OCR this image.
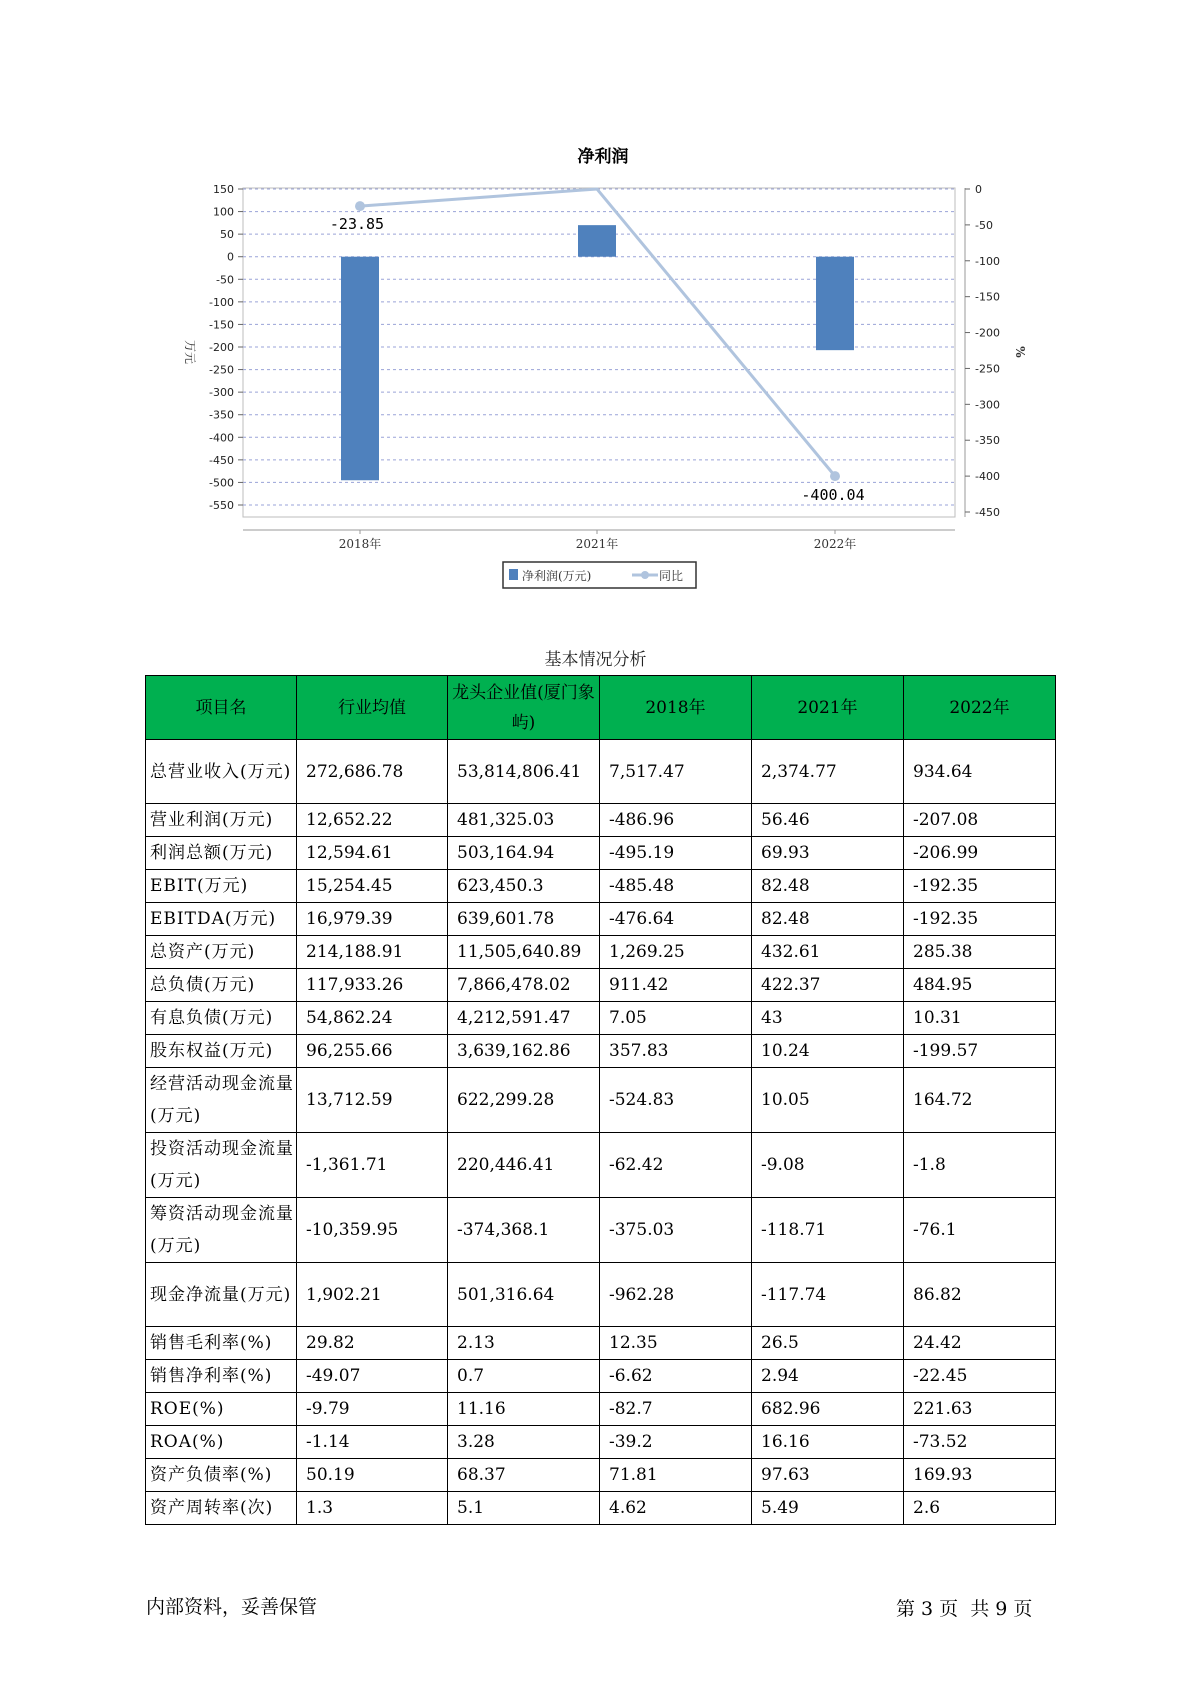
净利润
150
100
50
0
-50
-100
-150
-200
-250
-300
-350
-400
-450
-500
-550
0
-50
-100
-150
-200
-250
-300
-350
-400
-450
2018年	2021年	2022年
万元	%
-23.85
-400.04
净利润(万元)	同比
基本情况分析
项目名	行业均值	龙头企业值(厦门象屿)	2018年	2021年	2022年
总营业收入(万元)	272,686.78	53,814,806.41	7,517.47	2,374.77	934.64
营业利润(万元)	12,652.22	481,325.03	-486.96	56.46	-207.08
利润总额(万元)	12,594.61	503,164.94	-495.19	69.93	-206.99
EBIT(万元)	15,254.45	623,450.3	-485.48	82.48	-192.35
EBITDA(万元)	16,979.39	639,601.78	-476.64	82.48	-192.35
总资产(万元)	214,188.91	11,505,640.89	1,269.25	432.61	285.38
总负债(万元)	117,933.26	7,866,478.02	911.42	422.37	484.95
有息负债(万元)	54,862.24	4,212,591.47	7.05	43	10.31
股东权益(万元)	96,255.66	3,639,162.86	357.83	10.24	-199.57
经营活动现金流量(万元)	13,712.59	622,299.28	-524.83	10.05	164.72
投资活动现金流量(万元)	-1,361.71	220,446.41	-62.42	-9.08	-1.8
筹资活动现金流量(万元)	-10,359.95	-374,368.1	-375.03	-118.71	-76.1
现金净流量(万元)	1,902.21	501,316.64	-962.28	-117.74	86.82
销售毛利率(%)	29.82	2.13	12.35	26.5	24.42
销售净利率(%)	-49.07	0.7	-6.62	2.94	-22.45
ROE(%)	-9.79	11.16	-82.7	682.96	221.63
ROA(%)	-1.14	3.28	-39.2	16.16	-73.52
资产负债率(%)	50.19	68.37	71.81	97.63	169.93
资产周转率(次)	1.3	5.1	4.62	5.49	2.6
内部资料，妥善保管	第 3 页  共 9 页
